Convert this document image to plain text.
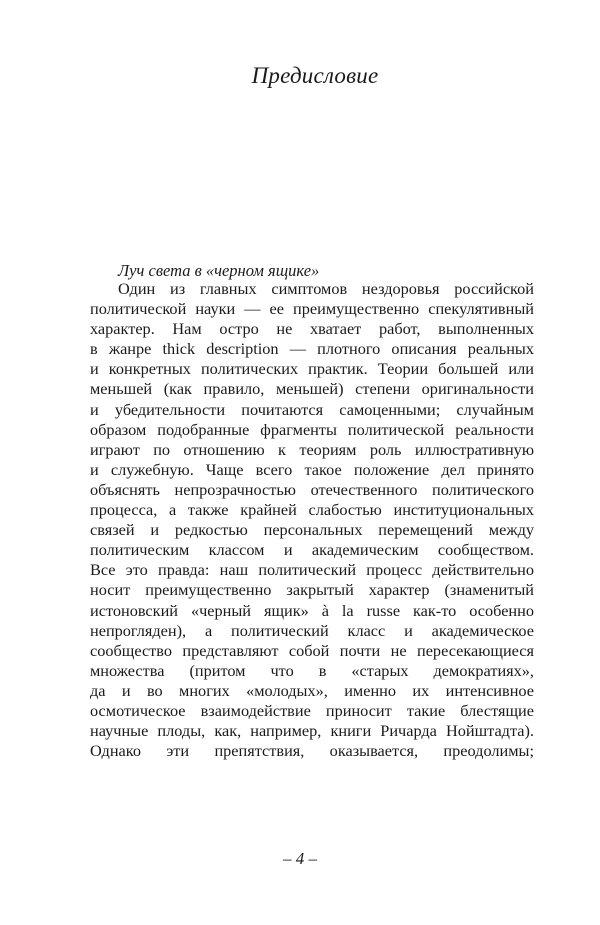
Предисловие
Луч света в «черном ящике»
Один из главных симптомов нездоровья российской
политической науки — ее преимущественно спекулятивный
характер. Нам остро не хватает работ, выполненных
в жанре thick description — плотного описания реальных
и конкретных политических практик. Теории большей или
меньшей (как правило, меньшей) степени оригинальности
и убедительности почитаются самоценными; случайным
образом подобранные фрагменты политической реальности
играют по отношению к теориям роль иллюстративную
и служебную. Чаще всего такое положение дел принято
объяснять непрозрачностью отечественного политического
процесса, а также крайней слабостью институциональных
связей и редкостью персональных перемещений между
политическим классом и академическим сообществом.
Все это правда: наш политический процесс действительно
носит преимущественно закрытый характер (знаменитый
истоновский «черный ящик» à la russe как-то особенно
непрогляден), а политический класс и академическое
сообщество представляют собой почти не пересекающиеся
множества (притом что в «старых демократиях»,
да и во многих «молодых», именно их интенсивное
осмотическое взаимодействие приносит такие блестящие
научные плоды, как, например, книги Ричарда Нойштадта).
Однако эти препятствия, оказывается, преодолимы;
– 4 –
